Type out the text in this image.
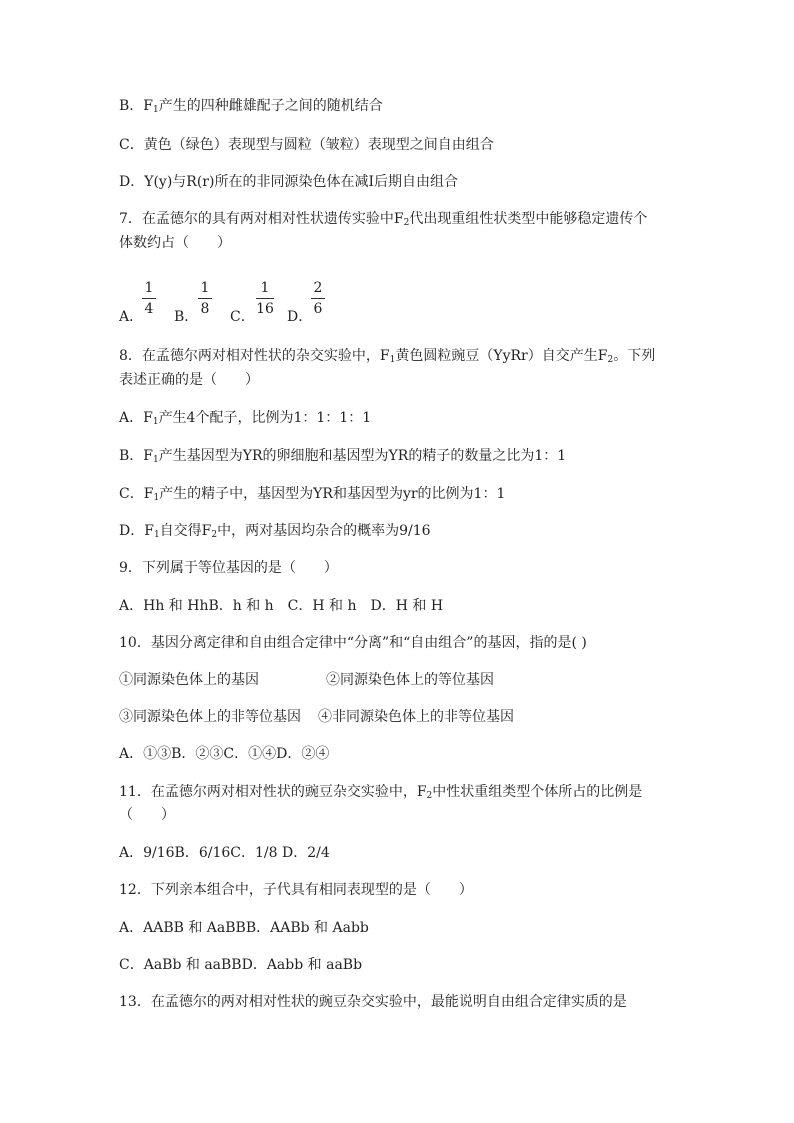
B．$F_1$产生的四种雌雄配子之间的随机结合
C．黄色（绿色）表现型与圆粒（皱粒）表现型之间自由组合
D．Y(y)与R(r)所在的非同源染色体在减Ⅰ后期自由组合
7．在孟德尔的具有两对相对性状遗传实验中$F_2$代出现重组性状类型中能够稳定遗传个
体数约占（　　）
A．
1
4 B．
1
8 C．
1
16 D．
2
6
8．在孟德尔两对相对性状的杂交实验中，$F_1$黄色圆粒豌豆（YyRr）自交产生$F_2$。下列
表述正确的是（　　）
A．$F_1$产生4个配子，比例为1：1：1：1
B．$F_1$产生基因型为YR的卵细胞和基因型为YR的精子的数量之比为1：1
C．$F_1$产生的精子中，基因型为YR和基因型为yr的比例为1：1
D．$F_1$自交得$F_2$中，两对基因均杂合的概率为9/16
9．下列属于等位基因的是（　　）
A．Hh 和 HhB．h 和 h　C．H 和 h　D．H 和 H
10．基因分离定律和自由组合定律中“分离”和“自由组合”的基因，指的是( )
①同源染色体上的基因	②同源染色体上的等位基因
③同源染色体上的非等位基因 ④非同源染色体上的非等位基因
A．①③B．②③C．①④D．②④
11．在孟德尔两对相对性状的豌豆杂交实验中，$F_2$中性状重组类型个体所占的比例是
（　　）
A．9/16B．6/16C．1/8 D．2/4
12．下列亲本组合中，子代具有相同表现型的是（　　）
A．AABB 和 AaBBB．AABb 和 Aabb
C．AaBb 和 aaBBD．Aabb 和 aaBb
13．在孟德尔的两对相对性状的豌豆杂交实验中，最能说明自由组合定律实质的是
